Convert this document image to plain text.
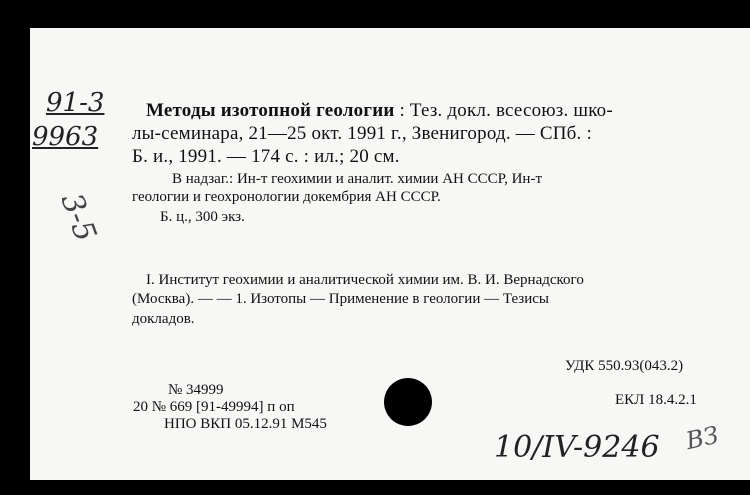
91-3
9963
3-5
Методы изотопной геологии : Тез. докл. всесоюз. шко-
лы-семинара, 21—25 окт. 1991 г., Звенигород. — СПб. :
Б. и., 1991. — 174 с. : ил.; 20 см.
В надзаг.: Ин-т геохимии и аналит. химии АН СССР, Ин-т
геологии и геохронологии докембрия АН СССР.
Б. ц., 300 экз.
I. Институт геохимии и аналитической химии им. В. И. Вернадского
(Москва). — — 1. Изотопы — Применение в геологии — Тезисы
докладов.
УДК 550.93(043.2)
ЕКЛ 18.4.2.1
№ 34999
20 № 669 [91-49994] п оп
НПО ВКП 05.12.91 М545
10/IV-9246 ВЗ
